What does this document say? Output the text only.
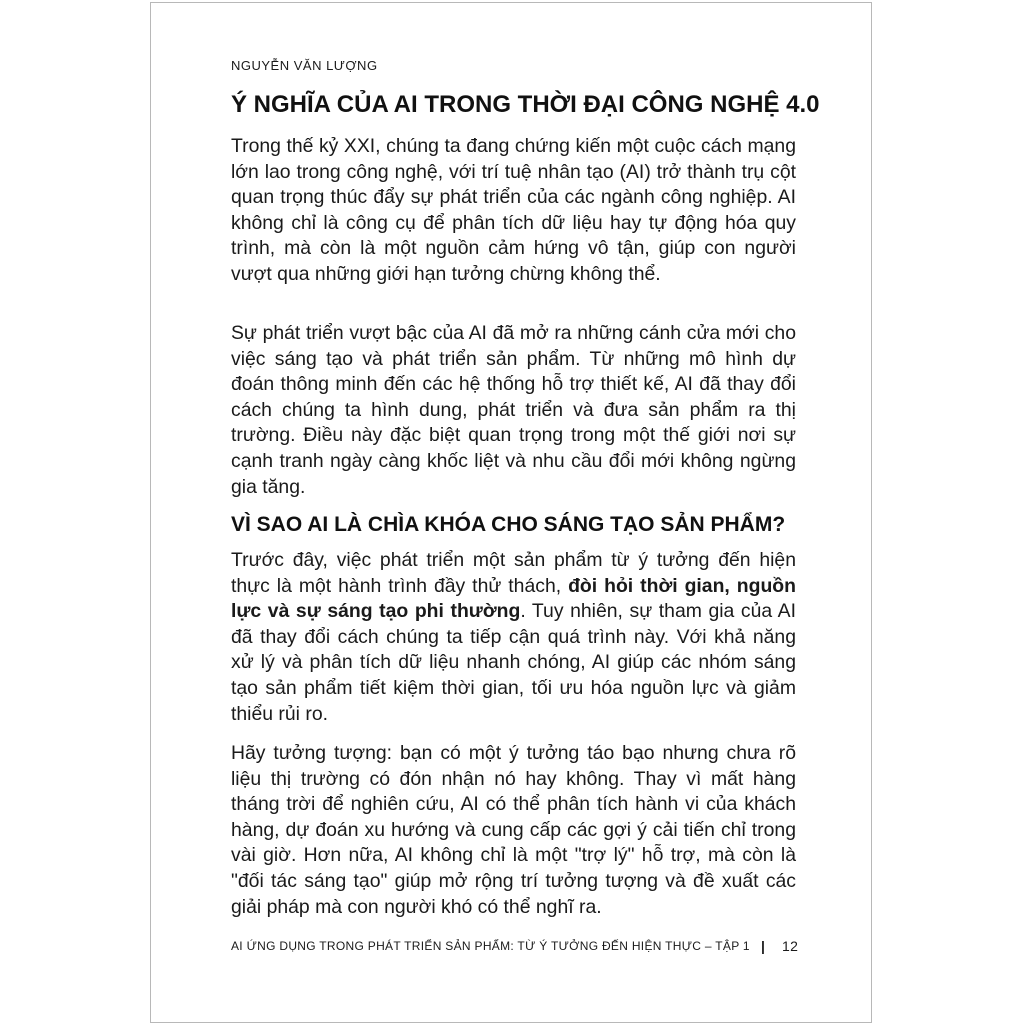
NGUYỄN VĂN LƯỢNG
Ý NGHĨA CỦA AI TRONG THỜI ĐẠI CÔNG NGHỆ 4.0
Trong thế kỷ XXI, chúng ta đang chứng kiến một cuộc cách mạng lớn lao trong công nghệ, với trí tuệ nhân tạo (AI) trở thành trụ cột quan trọng thúc đẩy sự phát triển của các ngành công nghiệp. AI không chỉ là công cụ để phân tích dữ liệu hay tự động hóa quy trình, mà còn là một nguồn cảm hứng vô tận, giúp con người vượt qua những giới hạn tưởng chừng không thể.
Sự phát triển vượt bậc của AI đã mở ra những cánh cửa mới cho việc sáng tạo và phát triển sản phẩm. Từ những mô hình dự đoán thông minh đến các hệ thống hỗ trợ thiết kế, AI đã thay đổi cách chúng ta hình dung, phát triển và đưa sản phẩm ra thị trường. Điều này đặc biệt quan trọng trong một thế giới nơi sự cạnh tranh ngày càng khốc liệt và nhu cầu đổi mới không ngừng gia tăng.
VÌ SAO AI LÀ CHÌA KHÓA CHO SÁNG TẠO SẢN PHẨM?
Trước đây, việc phát triển một sản phẩm từ ý tưởng đến hiện thực là một hành trình đầy thử thách, đòi hỏi thời gian, nguồn lực và sự sáng tạo phi thường. Tuy nhiên, sự tham gia của AI đã thay đổi cách chúng ta tiếp cận quá trình này. Với khả năng xử lý và phân tích dữ liệu nhanh chóng, AI giúp các nhóm sáng tạo sản phẩm tiết kiệm thời gian, tối ưu hóa nguồn lực và giảm thiểu rủi ro.
Hãy tưởng tượng: bạn có một ý tưởng táo bạo nhưng chưa rõ liệu thị trường có đón nhận nó hay không. Thay vì mất hàng tháng trời để nghiên cứu, AI có thể phân tích hành vi của khách hàng, dự đoán xu hướng và cung cấp các gợi ý cải tiến chỉ trong vài giờ. Hơn nữa, AI không chỉ là một "trợ lý" hỗ trợ, mà còn là "đối tác sáng tạo" giúp mở rộng trí tưởng tượng và đề xuất các giải pháp mà con người khó có thể nghĩ ra.
AI ỨNG DỤNG TRONG PHÁT TRIỂN SẢN PHẨM: TỪ Ý TƯỞNG ĐẾN HIỆN THỰC – TẬP 1 | 12
